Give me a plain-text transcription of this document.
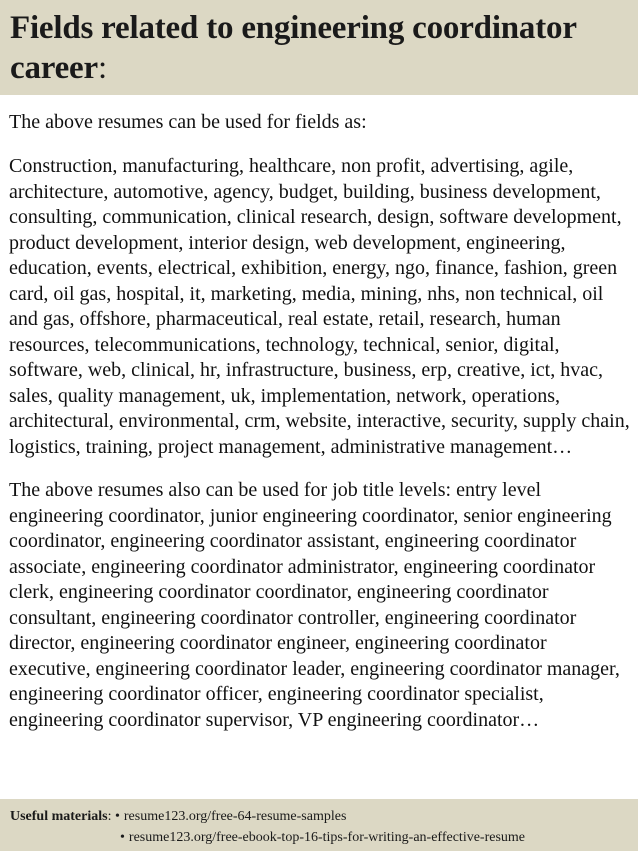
Fields related to engineering coordinator career:

The above resumes can be used for fields as:

Construction, manufacturing, healthcare, non profit, advertising, agile, architecture, automotive, agency, budget, building, business development, consulting, communication, clinical research, design, software development, product development, interior design, web development, engineering, education, events, electrical, exhibition, energy, ngo, finance, fashion, green card, oil gas, hospital, it, marketing, media, mining, nhs, non technical, oil and gas, offshore, pharmaceutical, real estate, retail, research, human resources, telecommunications, technology, technical, senior, digital, software, web, clinical, hr, infrastructure, business, erp, creative, ict, hvac, sales, quality management, uk, implementation, network, operations, architectural, environmental, crm, website, interactive, security, supply chain, logistics, training, project management, administrative management…

The above resumes also can be used for job title levels: entry level engineering coordinator, junior engineering coordinator, senior engineering coordinator, engineering coordinator assistant, engineering coordinator associate, engineering coordinator administrator, engineering coordinator clerk, engineering coordinator coordinator, engineering coordinator consultant, engineering coordinator controller, engineering coordinator director, engineering coordinator engineer, engineering coordinator executive, engineering coordinator leader, engineering coordinator manager, engineering coordinator officer, engineering coordinator specialist, engineering coordinator supervisor, VP engineering coordinator…

Useful materials: • resume123.org/free-64-resume-samples
• resume123.org/free-ebook-top-16-tips-for-writing-an-effective-resume
